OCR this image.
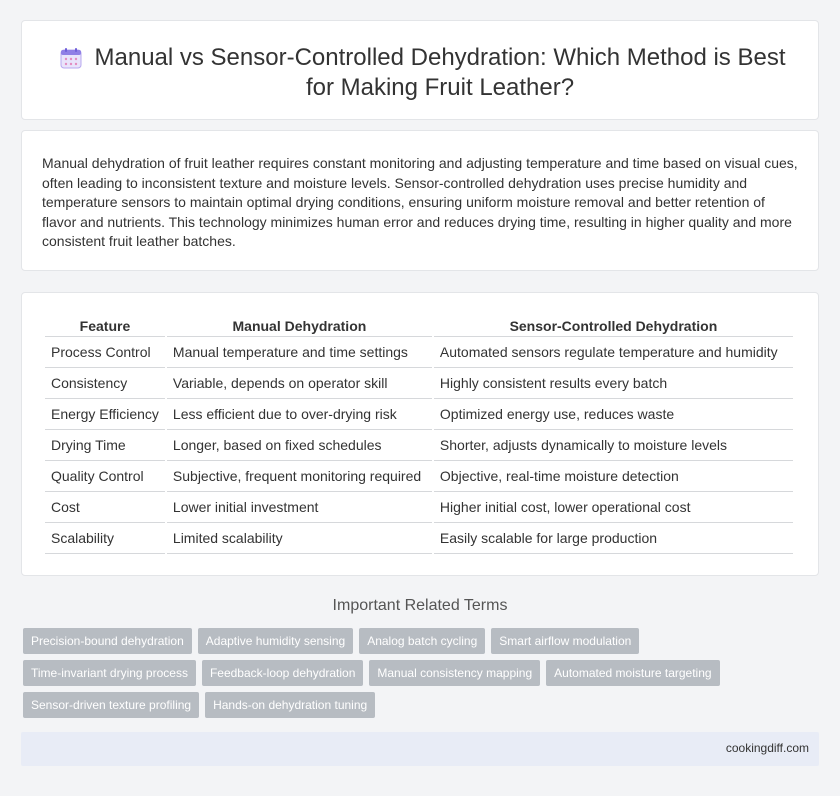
Manual vs Sensor-Controlled Dehydration: Which Method is Best for Making Fruit Leather?

Manual dehydration of fruit leather requires constant monitoring and adjusting temperature and time based on visual cues, often leading to inconsistent texture and moisture levels. Sensor-controlled dehydration uses precise humidity and temperature sensors to maintain optimal drying conditions, ensuring uniform moisture removal and better retention of flavor and nutrients. This technology minimizes human error and reduces drying time, resulting in higher quality and more consistent fruit leather batches.

Feature	Manual Dehydration	Sensor-Controlled Dehydration
Process Control	Manual temperature and time settings	Automated sensors regulate temperature and humidity
Consistency	Variable, depends on operator skill	Highly consistent results every batch
Energy Efficiency	Less efficient due to over-drying risk	Optimized energy use, reduces waste
Drying Time	Longer, based on fixed schedules	Shorter, adjusts dynamically to moisture levels
Quality Control	Subjective, frequent monitoring required	Objective, real-time moisture detection
Cost	Lower initial investment	Higher initial cost, lower operational cost
Scalability	Limited scalability	Easily scalable for large production
Important Related Terms
Precision-bound dehydration	Adaptive humidity sensing	Analog batch cycling	Smart airflow modulation
Time-invariant drying process	Feedback-loop dehydration	Manual consistency mapping	Automated moisture targeting
Sensor-driven texture profiling	Hands-on dehydration tuning
cookingdiff.com
